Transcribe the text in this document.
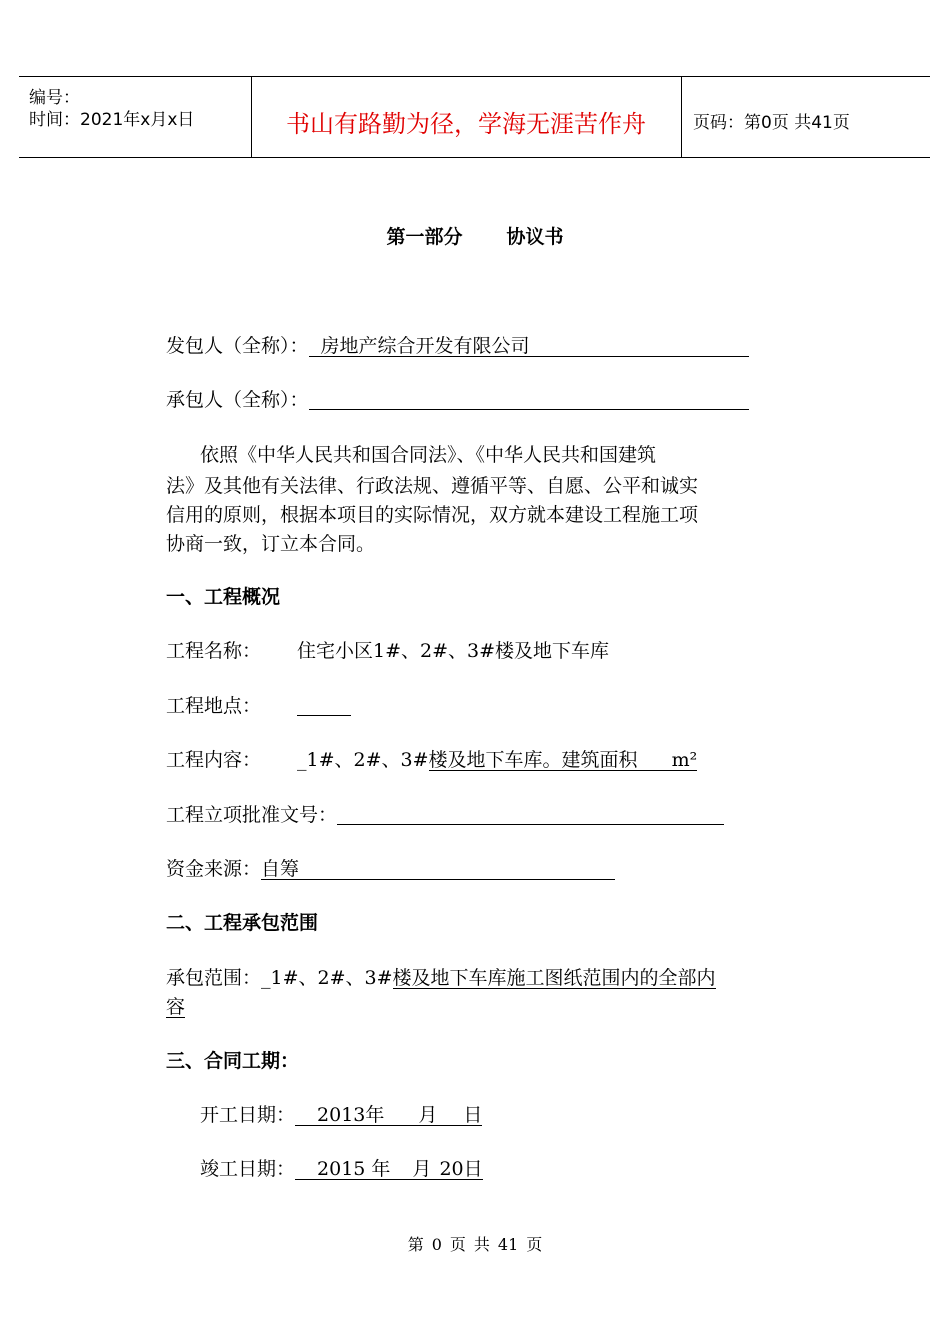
编号：
时间：2021年x月x日	书山有路勤为径，学海无涯苦作舟	页码：第0页 共41页
第一部分 协议书
发包人（全称）： 房地产综合开发有限公司
承包人（全称）：
依照《中华人民共和国合同法》、《中华人民共和国建筑
法》及其他有关法律、行政法规、遵循平等、自愿、公平和诚实
信用的原则，根据本项目的实际情况，双方就本建设工程施工项
协商一致，订立本合同。
一、工程概况
工程名称： 住宅小区1#、2#、3#楼及地下车库
工程地点：
工程内容： _1#、2#、3#楼及地下车库。建筑面积 m²
工程立项批准文号：
资金来源：自筹
二、工程承包范围
承包范围：_1#、2#、3#楼及地下车库施工图纸范围内的全部内
容
三、合同工期：
开工日期： 2013年 月 日
竣工日期： 2015 年 月 20日
第 0 页 共 41 页
